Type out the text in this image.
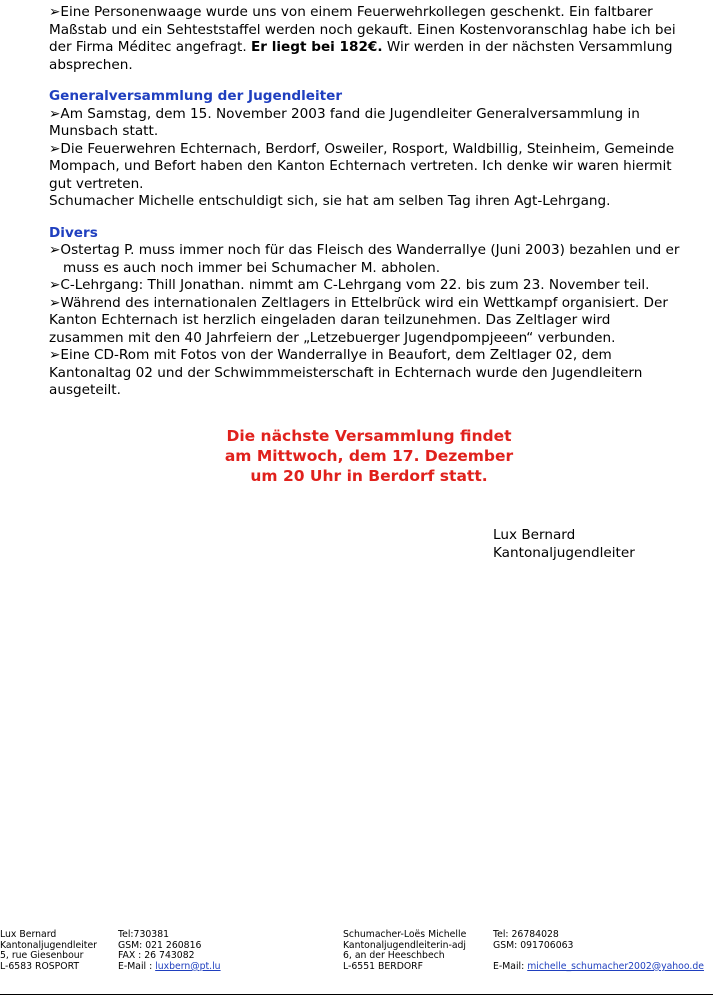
➢Eine Personenwaage wurde uns von einem Feuerwehrkollegen geschenkt. Ein faltbarer Maßstab und ein Sehteststaffel werden noch gekauft. Einen Kostenvoranschlag habe ich bei der Firma Méditec angefragt. Er liegt bei 182€. Wir werden in der nächsten Versammlung absprechen.

Generalversammlung der Jugendleiter

➢Am Samstag, dem 15. November 2003 fand die Jugendleiter Generalversammlung in Munsbach statt.

➢Die Feuerwehren Echternach, Berdorf, Osweiler, Rosport, Waldbillig, Steinheim, Gemeinde Mompach, und Befort haben den Kanton Echternach vertreten. Ich denke wir waren hiermit gut vertreten.

Schumacher Michelle entschuldigt sich, sie hat am selben Tag ihren Agt-Lehrgang.

Divers

➢Ostertag P. muss immer noch für das Fleisch des Wanderrallye (Juni 2003) bezahlen und er

muss es auch noch immer bei Schumacher M. abholen.

➢C-Lehrgang: Thill Jonathan. nimmt am C-Lehrgang vom 22. bis zum 23. November teil.

➢Während des internationalen Zeltlagers in Ettelbrück wird ein Wettkampf organisiert. Der Kanton Echternach ist herzlich eingeladen daran teilzunehmen. Das Zeltlager wird zusammen mit den 40 Jahrfeiern der „Letzebuerger Jugendpompjeeen“ verbunden.

➢Eine CD-Rom mit Fotos von der Wanderrallye in Beaufort, dem Zeltlager 02, dem Kantonaltag 02 und der Schwimmmeisterschaft in Echternach wurde den Jugendleitern ausgeteilt.

Die nächste Versammlung findet
am Mittwoch, dem 17. Dezember
um 20 Uhr in Berdorf statt.
Lux Bernard
Kantonaljugendleiter
Lux Bernard
Kantonaljugendleiter
5, rue Giesenbour
L-6583 ROSPORT
Tel:730381
GSM: 021 260816
FAX : 26 743082
E-Mail : luxbern@pt.lu
Schumacher-Loës Michelle
Kantonaljugendleiterin-adj
6, an der Heeschbech
L-6551 BERDORF
Tel: 26784028
GSM: 091706063

E-Mail: michelle_schumacher2002@yahoo.de
